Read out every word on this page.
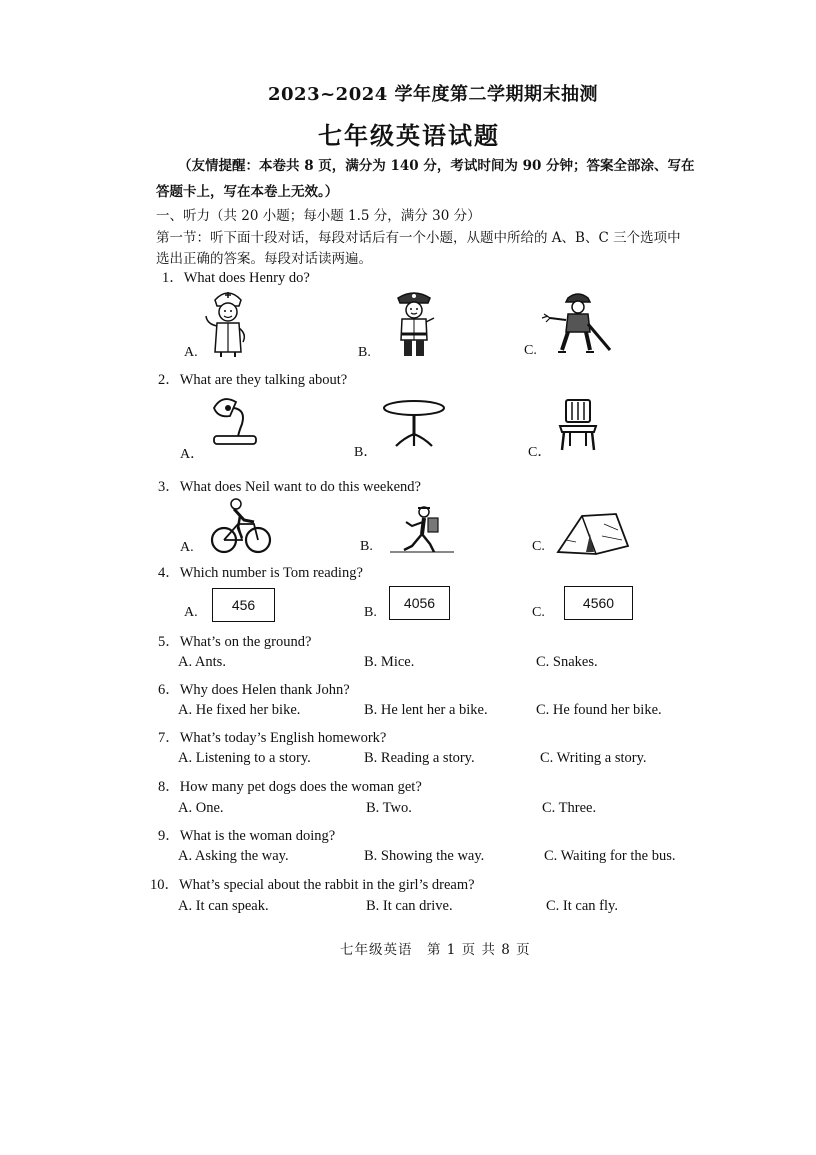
2023~2024 学年度第二学期期末抽测
七年级英语试题
（友情提醒：本卷共 8 页，满分为 140 分，考试时间为 90 分钟；答案全部涂、写在
答题卡上，写在本卷上无效。）
一、听力（共 20 小题；每小题 1.5 分，满分 30 分）
第一节：听下面十段对话，每段对话后有一个小题，从题中所给的 A、B、C 三个选项中
选出正确的答案。每段对话读两遍。
1．What does Henry do?
A.	B.	C.
2．What are they talking about?
A．	B．	C．
3．What does Neil want to do this weekend?
A.	B.	C.
4．Which number is Tom reading?
A.	456	B.
4056
C.
4560
5．What’s on the ground?
A. Ants.	B. Mice.	C. Snakes.
6．Why does Helen thank John?
A. He fixed her bike.	B. He lent her a bike.	C. He found her bike.
7．What’s today’s English homework?
A. Listening to a story.	B. Reading a story.	C. Writing a story.
8．How many pet dogs does the woman get?
A. One.	B. Two.	C. Three.
9．What is the woman doing?
A. Asking the way.	B. Showing the way.	C. Waiting for the bus.
10．What’s special about the rabbit in the girl’s dream?
A. It can speak.	B. It can drive.	C. It can fly.
七年级英语　第 1 页 共 8 页
